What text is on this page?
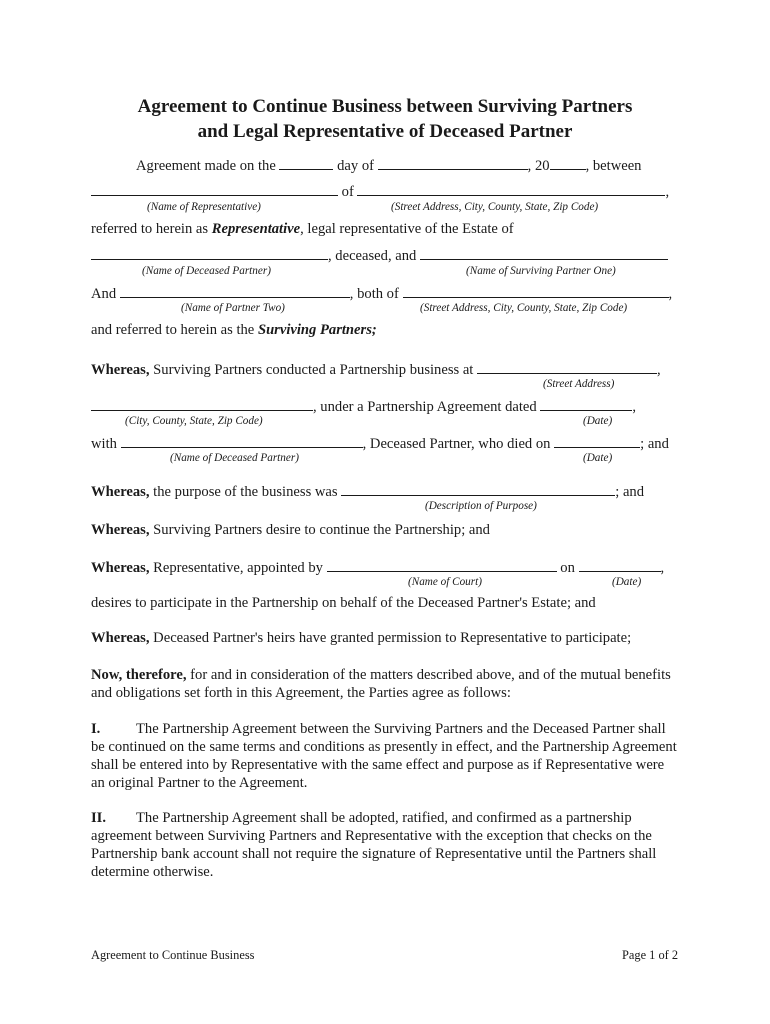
Agreement to Continue Business between Surviving Partners
and Legal Representative of Deceased Partner
Agreement made on the	day of	, 20 , between
of	,
(Name of Representative)	(Street Address, City, County, State, Zip Code)
referred to herein as Representative, legal representative of the Estate of
, deceased, and
(Name of Deceased Partner)	(Name of Surviving Partner One)
And	, both of	,
(Name of Partner Two)	(Street Address, City, County, State, Zip Code)
and referred to herein as the Surviving Partners;
Whereas, Surviving Partners conducted a Partnership business at	,
(Street Address)
, under a Partnership Agreement dated	,
(City, County, State, Zip Code)	(Date)
with	, Deceased Partner, who died on	; and
(Name of Deceased Partner)	(Date)
Whereas, the purpose of the business was	; and
(Description of Purpose)
Whereas, Surviving Partners desire to continue the Partnership; and
Whereas, Representative, appointed by	on	,
(Name of Court)	(Date)
desires to participate in the Partnership on behalf of the Deceased Partner's Estate; and
Whereas, Deceased Partner's heirs have granted permission to Representative to participate;
Now, therefore, for and in consideration of the matters described above, and of the mutual benefits and obligations set forth in this Agreement, the Parties agree as follows:
I. The Partnership Agreement between the Surviving Partners and the Deceased Partner shall be continued on the same terms and conditions as presently in effect, and the Partnership Agreement shall be entered into by Representative with the same effect and purpose as if Representative were an original Partner to the Agreement.
II. The Partnership Agreement shall be adopted, ratified, and confirmed as a partnership agreement between Surviving Partners and Representative with the exception that checks on the Partnership bank account shall not require the signature of Representative until the Partners shall determine otherwise.
Agreement to Continue Business	Page 1 of 2
